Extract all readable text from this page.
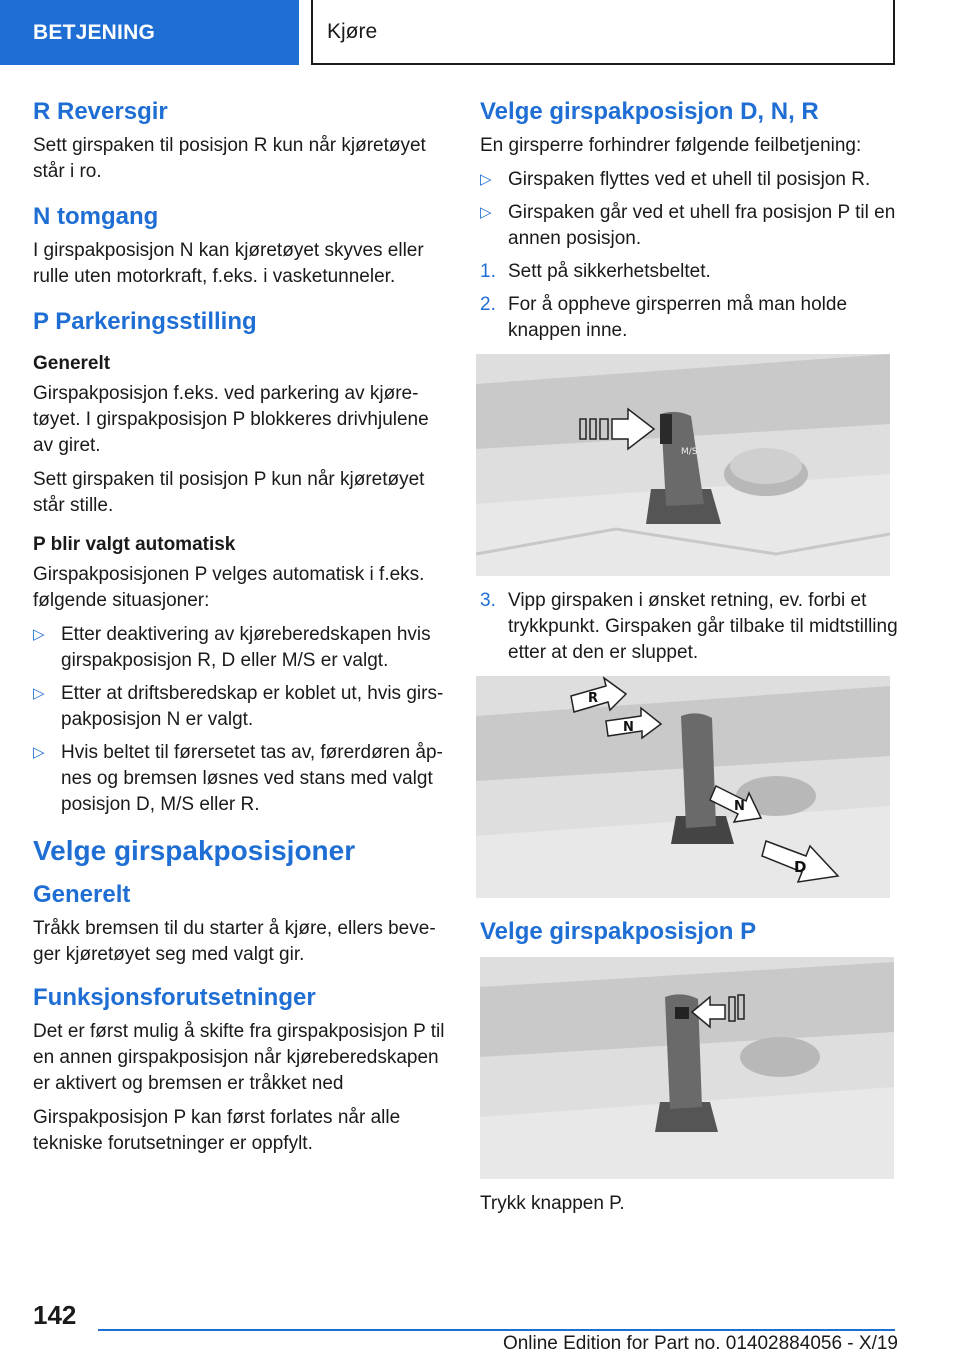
BETJENING	Kjøre
R Reversgir

Sett girspaken til posisjon R kun når kjøretøyet står i ro.

N tomgang

I girspakposisjon N kan kjøretøyet skyves eller rulle uten motorkraft, f.eks. i vasketunneler.

P Parkeringsstilling
Generelt

Girspakposisjon f.eks. ved parkering av kjøretøyet. I girspakposisjon P blokkeres drivhjulene av giret.

Sett girspaken til posisjon P kun når kjøretøyet står stille.

P blir valgt automatisk

Girspakposisjonen P velges automatisk i f.eks. følgende situasjoner:

▷ Etter deaktivering av kjøreberedskapen hvis girspakposisjon R, D eller M/S er valgt.
▷ Etter at driftsberedskap er koblet ut, hvis girspakposisjon N er valgt.
▷ Hvis beltet til førersetet tas av, førerdøren åpnes og bremsen løsnes ved stans med valgt posisjon D, M/S eller R.
Velge girspakposisjoner
Generelt

Tråkk bremsen til du starter å kjøre, ellers beveger kjøretøyet seg med valgt gir.

Funksjonsforutsetninger

Det er først mulig å skifte fra girspakposisjon P til en annen girspakposisjon når kjøreberedskapen er aktivert og bremsen er tråkket ned

Girspakposisjon P kan først forlates når alle tekniske forutsetninger er oppfylt.

Velge girspakposisjon D, N, R

En girsperre forhindrer følgende feilbetjening:

▷ Girspaken flyttes ved et uhell til posisjon R.
▷ Girspaken går ved et uhell fra posisjon P til en annen posisjon.
1. Sett på sikkerhetsbeltet.
2. For å oppheve girsperren må man holde knappen inne.
M/S
3. Vipp girspaken i ønsket retning, ev. forbi et trykkpunkt. Girspaken går tilbake til midtstilling etter at den er sluppet.
R
N
N
D
Velge girspakposisjon P

Trykk knappen P.

142
Online Edition for Part no. 01402884056 - X/19
